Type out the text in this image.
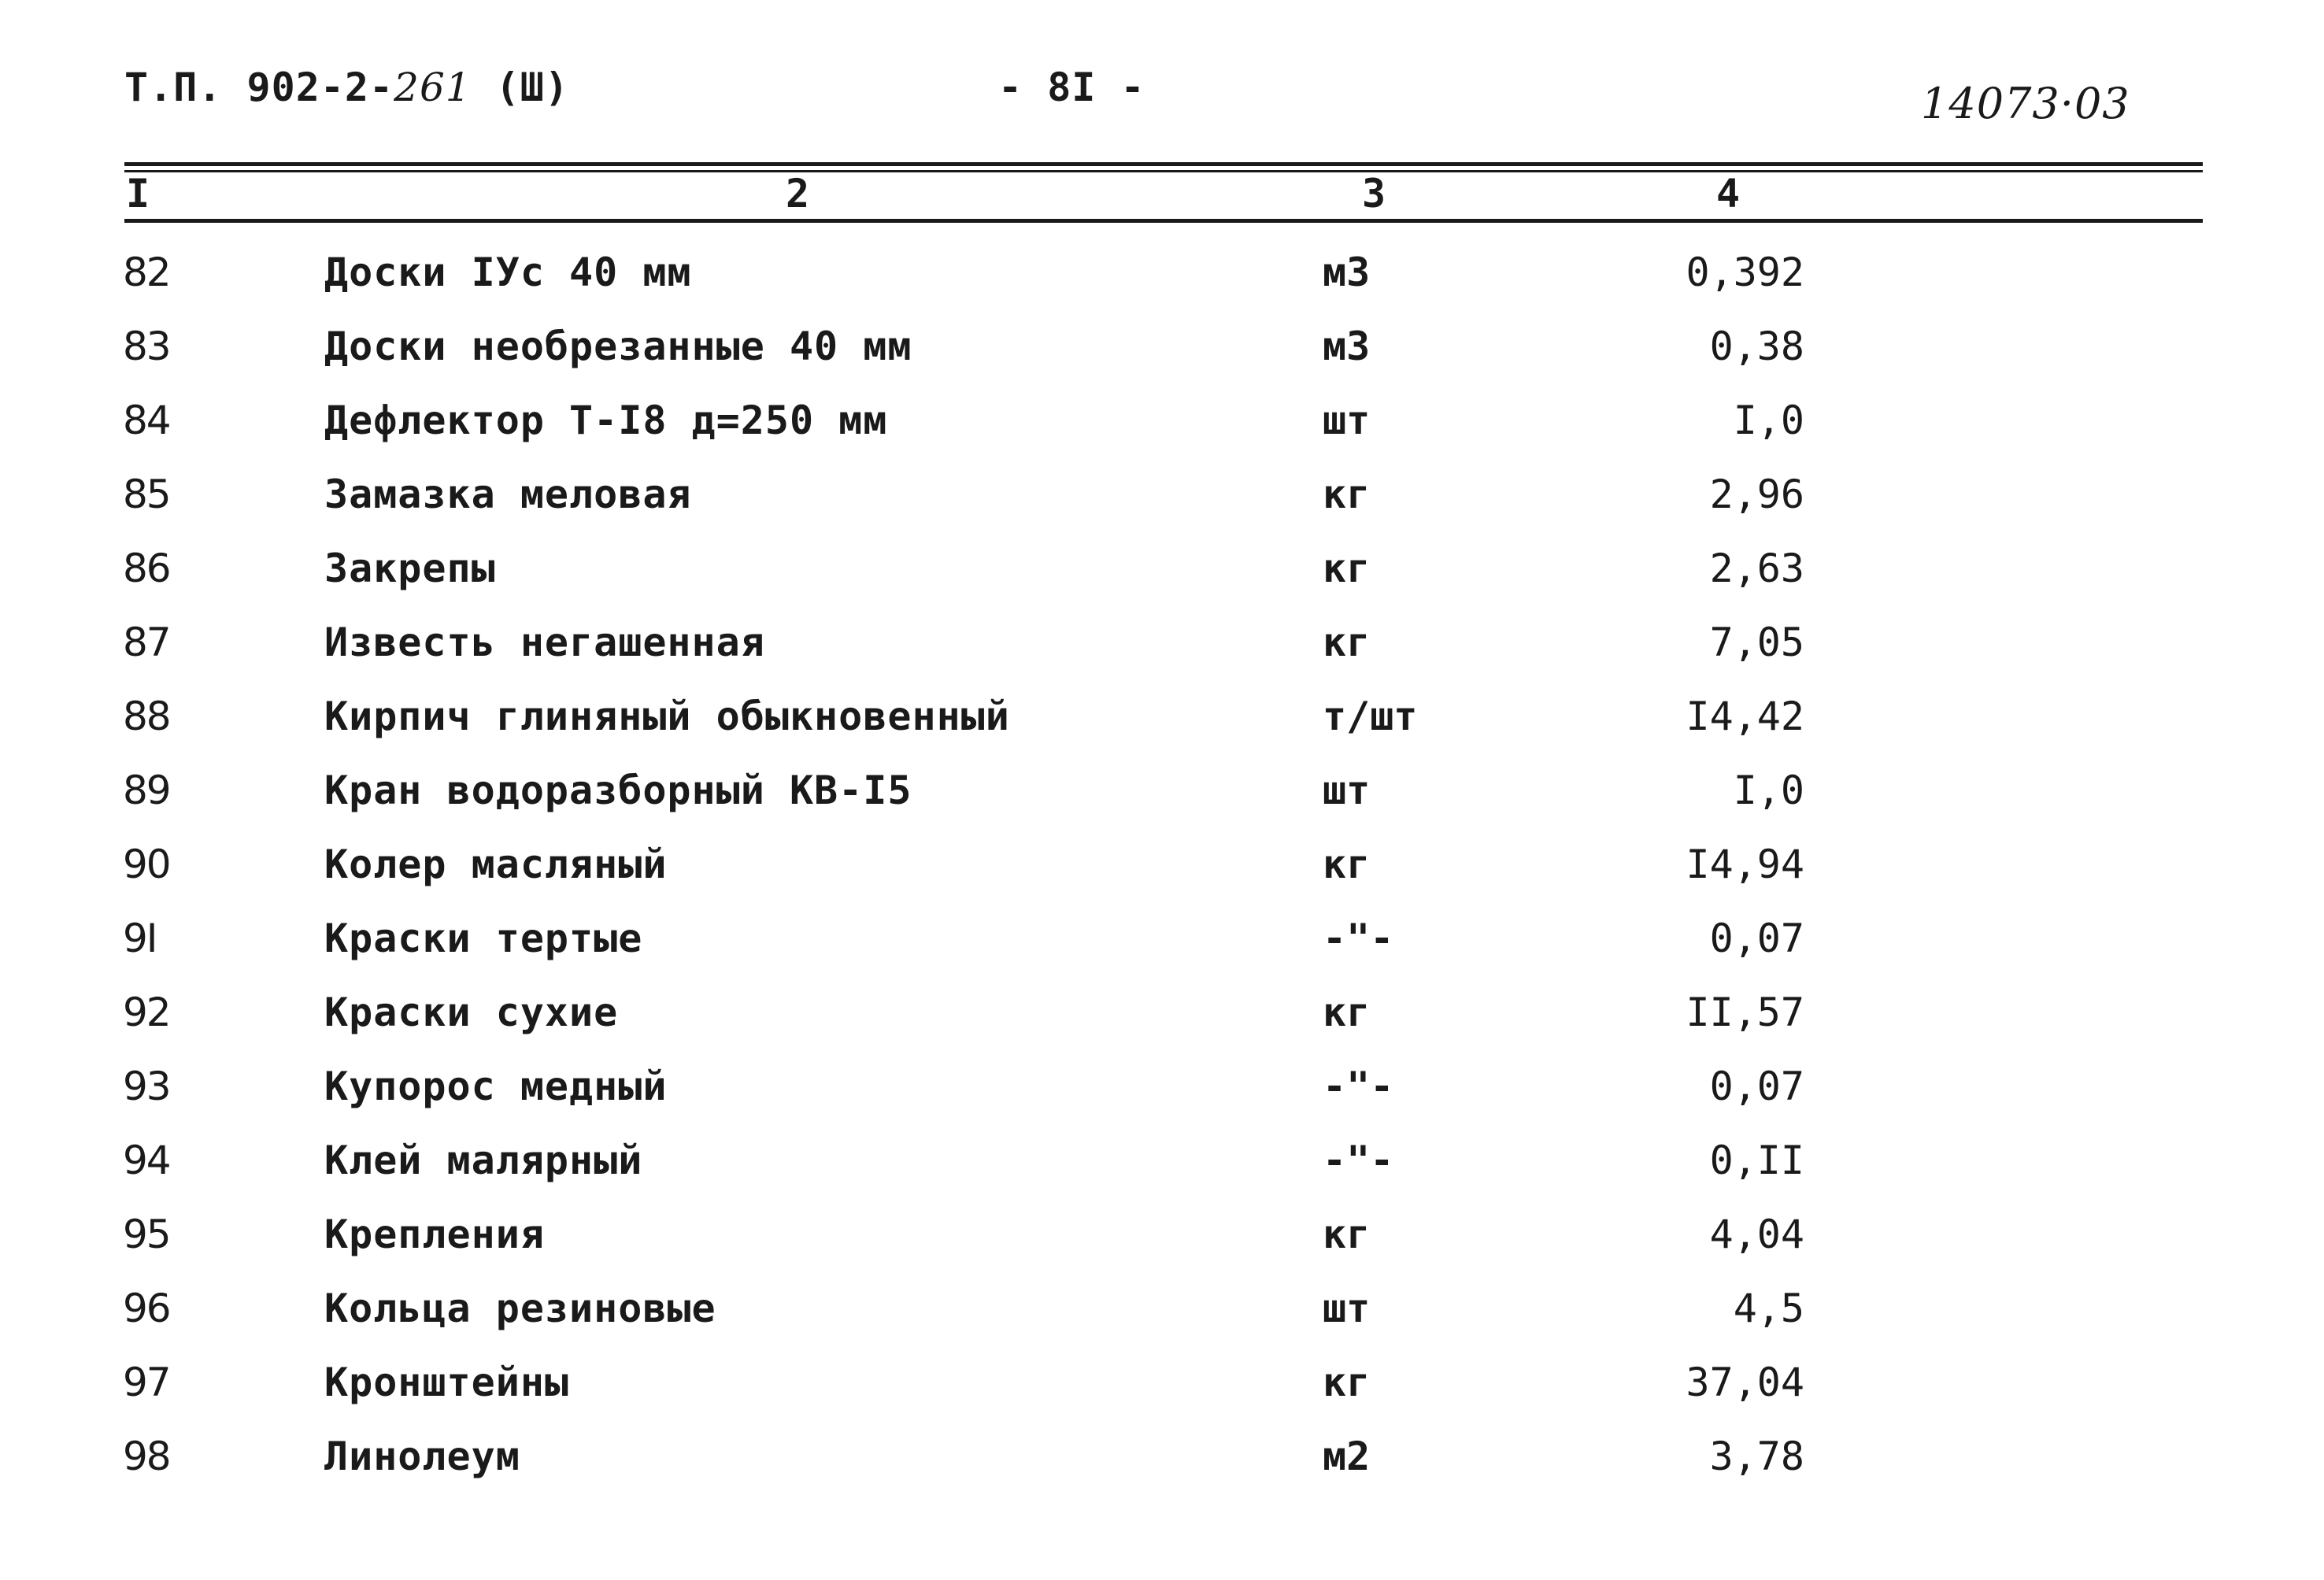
Т.П. 902-2-261 (Ш)	- 8I -	14073·03
I	2	3	4
82	Доски IУс 40 мм	м3	0,392
83	Доски необрезанные 40 мм	м3	0,38
84	Дефлектор Т-I8 д=250 мм	шт	I,0
85	Замазка меловая	кг	2,96
86	Закрепы	кг	2,63
87	Известь негашенная	кг	7,05
88	Кирпич глиняный обыкновенный	т/шт	I4,42
89	Кран водоразборный КВ-I5	шт	I,0
90	Колер масляный	кг	I4,94
9I	Краски тертые	-"-	0,07
92	Краски сухие	кг	II,57
93	Купорос медный	-"-	0,07
94	Клей малярный	-"-	0,II
95	Крепления	кг	4,04
96	Кольца резиновые	шт	4,5
97	Кронштейны	кг	37,04
98	Линолеум	м2	3,78
